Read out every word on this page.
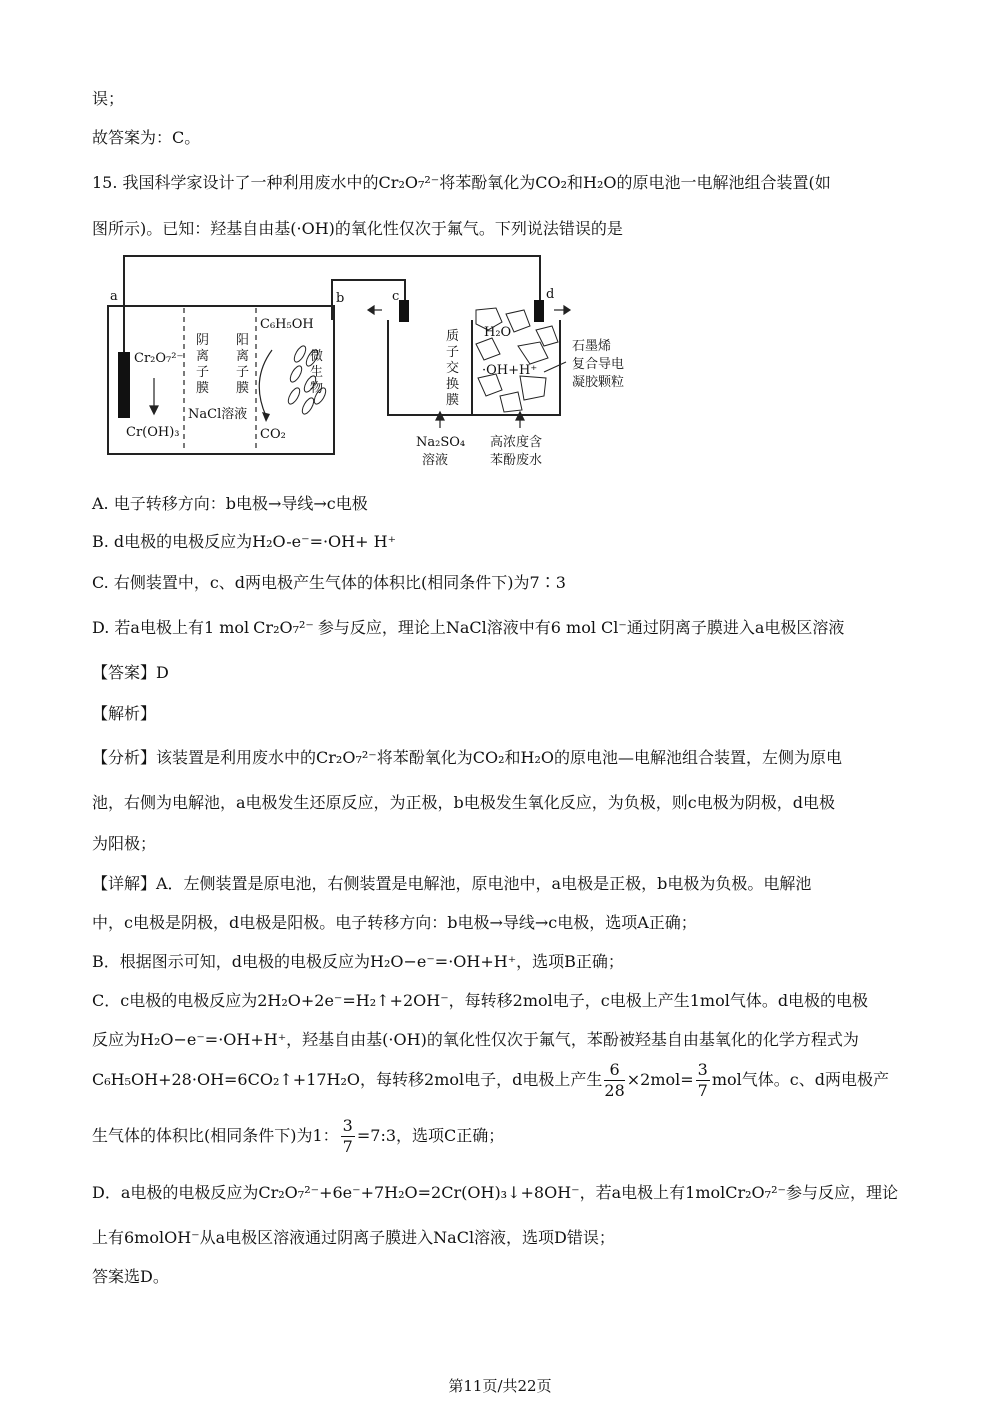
误；
故答案为：C。
15. 我国科学家设计了一种利用废水中的Cr₂O₇²⁻将苯酚氧化为CO₂和H₂O的原电池一电解池组合装置(如
图所示)。已知：羟基自由基(·OH)的氧化性仅次于氟气。下列说法错误的是
a	b	c	d
Cr₂O₇²⁻
Cr(OH)₃
阴
离
子
膜
阳
离
子
膜
NaCl溶液
C₆H₅OH
微
生
物
CO₂
质
子
交
换
膜
H₂O
·OH+H⁺
石墨烯
复合导电
凝胶颗粒
Na₂SO₄
溶液
高浓度含
苯酚废水
A. 电子转移方向：b电极→导线→c电极
B. d电极的电极反应为H₂O-e⁻=·OH+ H⁺
C. 右侧装置中，c、d两电极产生气体的体积比(相同条件下)为7∶3
D. 若a电极上有1 mol Cr₂O₇²⁻ 参与反应，理论上NaCl溶液中有6 mol Cl⁻通过阴离子膜进入a电极区溶液
【答案】D
【解析】
【分析】该装置是利用废水中的Cr₂O₇²⁻将苯酚氧化为CO₂和H₂O的原电池—电解池组合装置，左侧为原电
池，右侧为电解池，a电极发生还原反应，为正极，b电极发生氧化反应，为负极，则c电极为阴极，d电极
为阳极；
【详解】A．左侧装置是原电池，右侧装置是电解池，原电池中，a电极是正极，b电极为负极。电解池
中，c电极是阴极，d电极是阳极。电子转移方向：b电极→导线→c电极，选项A正确；
B．根据图示可知，d电极的电极反应为H₂O−e⁻=·OH+H⁺，选项B正确；
C．c电极的电极反应为2H₂O+2e⁻=H₂↑+2OH⁻，每转移2mol电子，c电极上产生1mol气体。d电极的电极
反应为H₂O−e⁻=·OH+H⁺，羟基自由基(·OH)的氧化性仅次于氟气，苯酚被羟基自由基氧化的化学方程式为
C₆H₅OH+28·OH=6CO₂↑+17H₂O，每转移2mol电子，d电极上产生 $\frac{6}{28} \times 2mol= \frac{3}{7}$ mol气体。c、d两电极产
生气体的体积比(相同条件下)为1： $\frac{3}{7}$ =7:3，选项C正确；
D．a电极的电极反应为Cr₂O₇²⁻+6e⁻+7H₂O=2Cr(OH)₃↓+8OH⁻，若a电极上有1molCr₂O₇²⁻参与反应，理论
上有6molOH⁻从a电极区溶液通过阴离子膜进入NaCl溶液，选项D错误；
答案选D。
第11页/共22页
